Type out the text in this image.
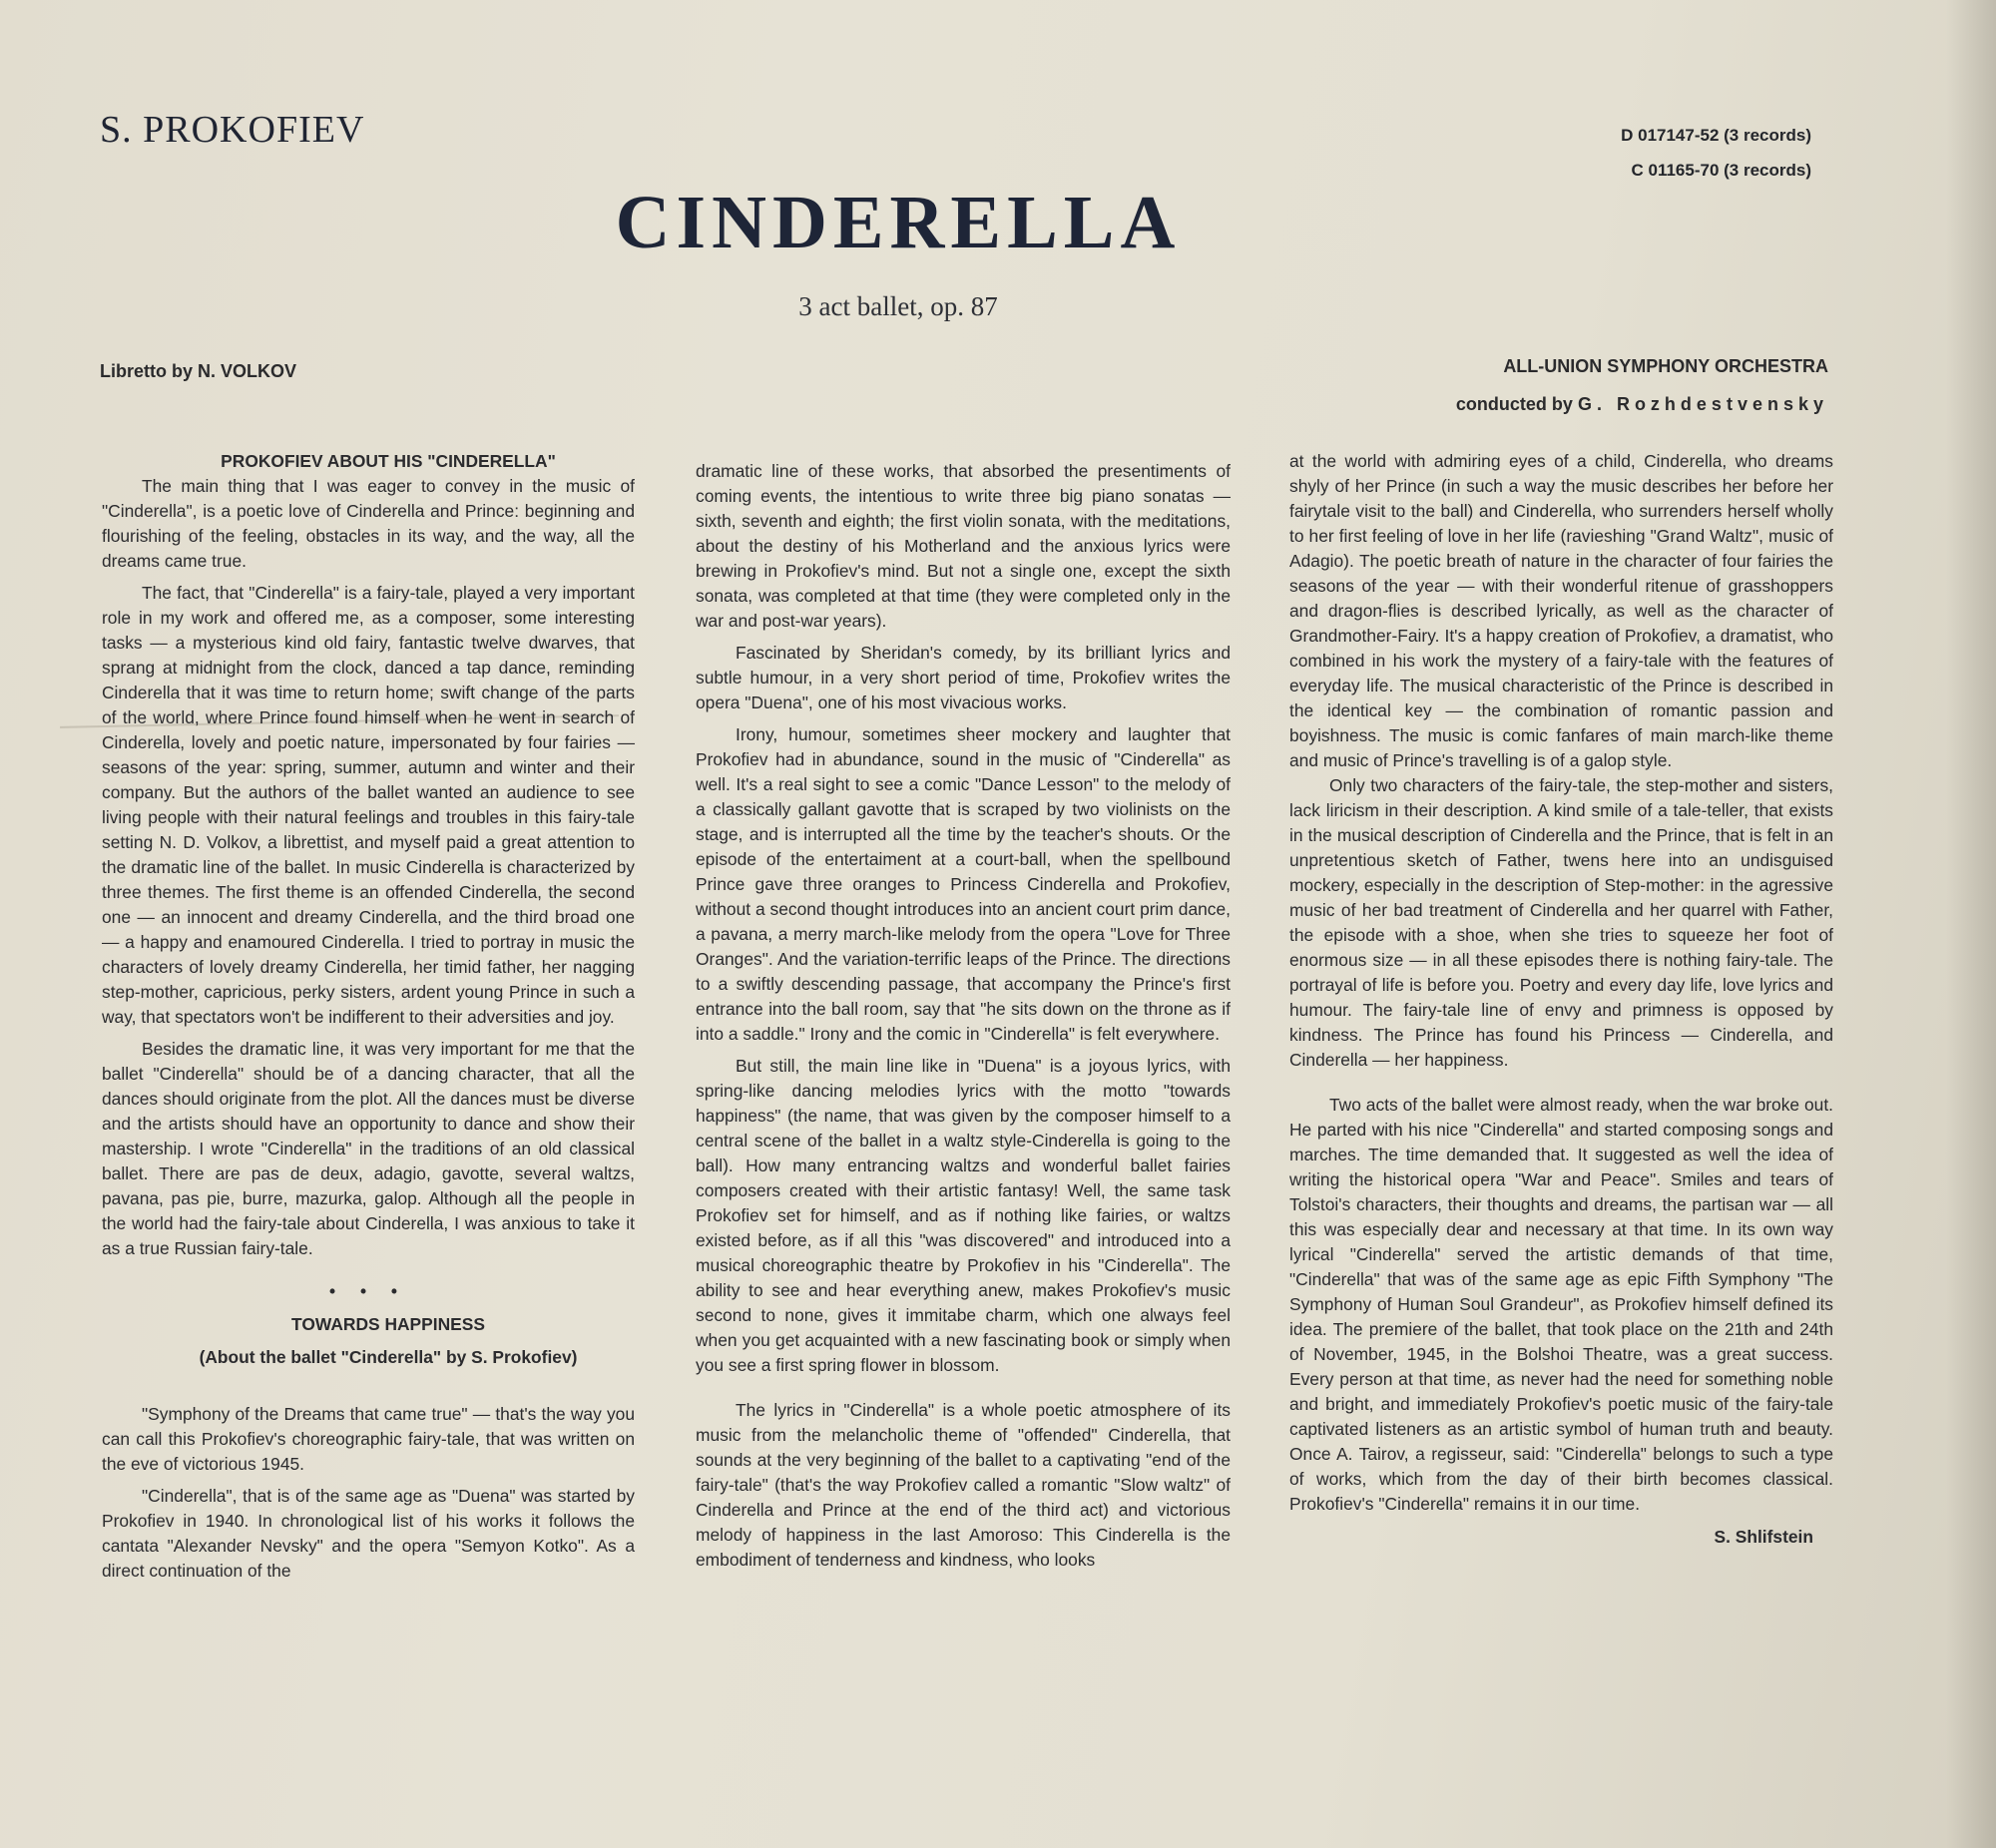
S. PROKOFIEV
CINDERELLA
3 act ballet, op. 87
D 017147-52 (3 records)
C 01165-70 (3 records)
Libretto by N. VOLKOV	ALL-UNION SYMPHONY ORCHESTRA
conducted by G. Rozhdestvensky

PROKOFIEV ABOUT HIS "CINDERELLA"

The main thing that I was eager to convey in the music of "Cinderella", is a poetic love of Cinderella and Prince: beginning and flourishing of the feeling, obstacles in its way, and the way, all the dreams came true.

The fact, that "Cinderella" is a fairy-tale, played a very important role in my work and offered me, as a composer, some interesting tasks — a mysterious kind old fairy, fantastic twelve dwarves, that sprang at midnight from the clock, danced a tap dance, reminding Cinderella that it was time to return home; swift change of the parts of the world, where Prince found himself when he went in search of Cinderella, lovely and poetic nature, impersonated by four fairies — seasons of the year: spring, summer, autumn and winter and their company. But the authors of the ballet wanted an audience to see living people with their natural feelings and troubles in this fairy-tale setting N. D. Volkov, a librettist, and myself paid a great attention to the dramatic line of the ballet. In music Cinderella is characterized by three themes. The first theme is an offended Cinderella, the second one — an innocent and dreamy Cinderella, and the third broad one — a happy and enamoured Cinderella. I tried to portray in music the characters of lovely dreamy Cinderella, her timid father, her nagging step-mother, capricious, perky sisters, ardent young Prince in such a way, that spectators won't be indifferent to their adversities and joy.

Besides the dramatic line, it was very important for me that the ballet "Cinderella" should be of a dancing character, that all the dances should originate from the plot. All the dances must be diverse and the artists should have an opportunity to dance and show their mastership. I wrote "Cinderella" in the traditions of an old classical ballet. There are pas de deux, adagio, gavotte, several waltzs, pavana, pas pie, burre, mazurka, galop. Although all the people in the world had the fairy-tale about Cinderella, I was anxious to take it as a true Russian fairy-tale.

• • •

TOWARDS HAPPINESS

(About the ballet "Cinderella" by S. Prokofiev)

"Symphony of the Dreams that came true" — that's the way you can call this Prokofiev's choreographic fairy-tale, that was written on the eve of victorious 1945.

"Cinderella", that is of the same age as "Duena" was started by Prokofiev in 1940. In chronological list of his works it follows the cantata "Alexander Nevsky" and the opera "Semyon Kotko". As a direct continuation of the

dramatic line of these works, that absorbed the presentiments of coming events, the intentious to write three big piano sonatas — sixth, seventh and eighth; the first violin sonata, with the meditations, about the destiny of his Motherland and the anxious lyrics were brewing in Prokofiev's mind. But not a single one, except the sixth sonata, was completed at that time (they were completed only in the war and post-war years).

Fascinated by Sheridan's comedy, by its brilliant lyrics and subtle humour, in a very short period of time, Prokofiev writes the opera "Duena", one of his most vivacious works.

Irony, humour, sometimes sheer mockery and laughter that Prokofiev had in abundance, sound in the music of "Cinderella" as well. It's a real sight to see a comic "Dance Lesson" to the melody of a classically gallant gavotte that is scraped by two violinists on the stage, and is interrupted all the time by the teacher's shouts. Or the episode of the entertaiment at a court-ball, when the spellbound Prince gave three oranges to Princess Cinderella and Prokofiev, without a second thought introduces into an ancient court prim dance, a pavana, a merry march-like melody from the opera "Love for Three Oranges". And the variation-terrific leaps of the Prince. The directions to a swiftly descending passage, that accompany the Prince's first entrance into the ball room, say that "he sits down on the throne as if into a saddle." Irony and the comic in "Cinderella" is felt everywhere.

But still, the main line like in "Duena" is a joyous lyrics, with spring-like dancing melodies lyrics with the motto "towards happiness" (the name, that was given by the composer himself to a central scene of the ballet in a waltz style-Cinderella is going to the ball). How many entrancing waltzs and wonderful ballet fairies composers created with their artistic fantasy! Well, the same task Prokofiev set for himself, and as if nothing like fairies, or waltzs existed before, as if all this "was discovered" and introduced into a musical choreographic theatre by Prokofiev in his "Cinderella". The ability to see and hear everything anew, makes Prokofiev's music second to none, gives it immitabe charm, which one always feel when you get acquainted with a new fascinating book or simply when you see a first spring flower in blossom.

The lyrics in "Cinderella" is a whole poetic atmosphere of its music from the melancholic theme of "offended" Cinderella, that sounds at the very beginning of the ballet to a captivating "end of the fairy-tale" (that's the way Prokofiev called a romantic "Slow waltz" of Cinderella and Prince at the end of the third act) and victorious melody of happiness in the last Amoroso: This Cinderella is the embodiment of tenderness and kindness, who looks

at the world with admiring eyes of a child, Cinderella, who dreams shyly of her Prince (in such a way the music describes her before her fairytale visit to the ball) and Cinderella, who surrenders herself wholly to her first feeling of love in her life (ravieshing "Grand Waltz", music of Adagio). The poetic breath of nature in the character of four fairies the seasons of the year — with their wonderful ritenue of grasshoppers and dragon-flies is described lyrically, as well as the character of Grandmother-Fairy. It's a happy creation of Prokofiev, a dramatist, who combined in his work the mystery of a fairy-tale with the features of everyday life. The musical characteristic of the Prince is described in the identical key — the combination of romantic passion and boyishness. The music is comic fanfares of main march-like theme and music of Prince's travelling is of a galop style.

Only two characters of the fairy-tale, the step-mother and sisters, lack liricism in their description. A kind smile of a tale-teller, that exists in the musical description of Cinderella and the Prince, that is felt in an unpretentious sketch of Father, twens here into an undisguised mockery, especially in the description of Step-mother: in the agressive music of her bad treatment of Cinderella and her quarrel with Father, the episode with a shoe, when she tries to squeeze her foot of enormous size — in all these episodes there is nothing fairy-tale. The portrayal of life is before you. Poetry and every day life, love lyrics and humour. The fairy-tale line of envy and primness is opposed by kindness. The Prince has found his Princess — Cinderella, and Cinderella — her happiness.

Two acts of the ballet were almost ready, when the war broke out. He parted with his nice "Cinderella" and started composing songs and marches. The time demanded that. It suggested as well the idea of writing the historical opera "War and Peace". Smiles and tears of Tolstoi's characters, their thoughts and dreams, the partisan war — all this was especially dear and necessary at that time. In its own way lyrical "Cinderella" served the artistic demands of that time, "Cinderella" that was of the same age as epic Fifth Symphony "The Symphony of Human Soul Grandeur", as Prokofiev himself defined its idea. The premiere of the ballet, that took place on the 21th and 24th of November, 1945, in the Bolshoi Theatre, was a great success. Every person at that time, as never had the need for something noble and bright, and immediately Prokofiev's poetic music of the fairy-tale captivated listeners as an artistic symbol of human truth and beauty. Once A. Tairov, a regisseur, said: "Cinderella" belongs to such a type of works, which from the day of their birth becomes classical. Prokofiev's "Cinderella" remains it in our time.

S. Shlifstein
